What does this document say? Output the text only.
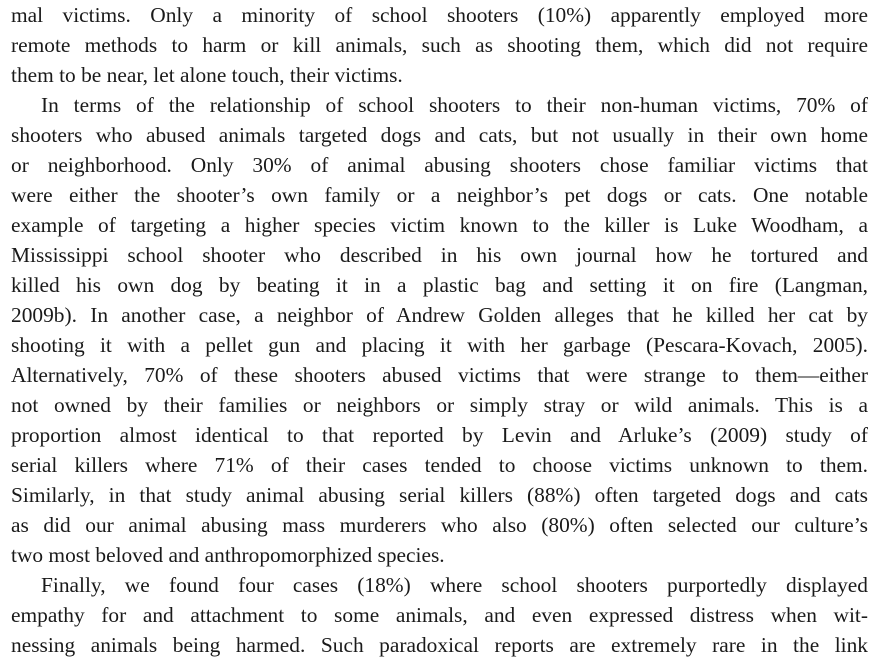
mal victims. Only a minority of school shooters (10%) apparently employed more
remote methods to harm or kill animals, such as shooting them, which did not require
them to be near, let alone touch, their victims.
In terms of the relationship of school shooters to their non-human victims, 70% of
shooters who abused animals targeted dogs and cats, but not usually in their own home
or neighborhood. Only 30% of animal abusing shooters chose familiar victims that
were either the shooter’s own family or a neighbor’s pet dogs or cats. One notable
example of targeting a higher species victim known to the killer is Luke Woodham, a
Mississippi school shooter who described in his own journal how he tortured and
killed his own dog by beating it in a plastic bag and setting it on fire (Langman,
2009b). In another case, a neighbor of Andrew Golden alleges that he killed her cat by
shooting it with a pellet gun and placing it with her garbage (Pescara-Kovach, 2005).
Alternatively, 70% of these shooters abused victims that were strange to them—either
not owned by their families or neighbors or simply stray or wild animals. This is a
proportion almost identical to that reported by Levin and Arluke’s (2009) study of
serial killers where 71% of their cases tended to choose victims unknown to them.
Similarly, in that study animal abusing serial killers (88%) often targeted dogs and cats
as did our animal abusing mass murderers who also (80%) often selected our culture’s
two most beloved and anthropomorphized species.
Finally, we found four cases (18%) where school shooters purportedly displayed
empathy for and attachment to some animals, and even expressed distress when wit-
nessing animals being harmed. Such paradoxical reports are extremely rare in the link
